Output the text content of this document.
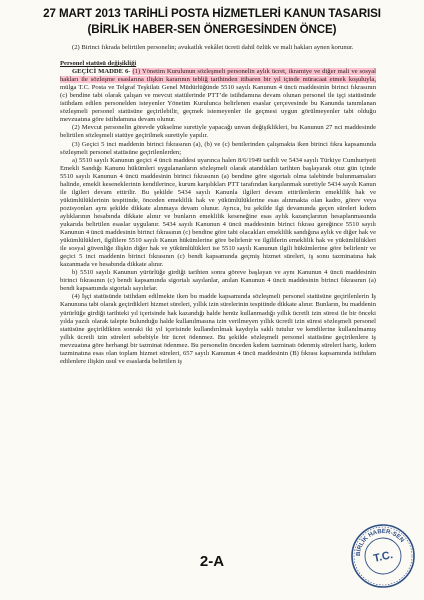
27 MART 2013 TARİHLİ POSTA HİZMETLERİ KANUN TASARISI
(BİRLİK HABER-SEN ÖNERGESİNDEN ÖNCE)

(2) Birinci fıkrada belirtilen personelin; avukatlık vekâlet ücreti dahil özlük ve mali hakları aynen korunur.

Personel statüsü değişikliği

GEÇİCİ MADDE 6- (1) Yönetim Kurulunun sözleşmeli personelin aylık ücret, ikramiye ve diğer mali ve sosyal hakları ile sözleşme esaslarına ilişkin kararının tebliğ tarihinden itibaren bir yıl içinde müracaat etmek koşuluyla, mülga T.C. Posta ve Telgraf Teşkilatı Genel Müdürlüğünde 5510 sayılı Kanunun 4 üncü maddesinin birinci fıkrasının (c) bendine tabi olarak çalışan ve mevcut statülerinde PTT’de istihdamına devam olunan personel ile işçi statüsünde istihdam edilen personelden isteyenler Yönetim Kurulunca belirlenen esaslar çerçevesinde bu Kanunda tanımlanan sözleşmeli personel statüsüne geçirilebilir, geçmek istemeyenler ile geçmesi uygun görülmeyenler tabi olduğu mevzuatına göre istihdamına devam olunur.

(2) Mevcut personelin görevde yükselme suretiyle yapacağı unvan değişiklikleri, bu Kanunun 27 nci maddesinde belirtilen sözleşmeli statüye geçirilmek suretiyle yapılır.

(3) Geçici 5 inci maddenin birinci fıkrasının (a), (b) ve (c) bentlerinden çalışmakta iken birinci fıkra kapsamında sözleşmeli personel statüsüne geçirilenlerden;

a) 5510 sayılı Kanunun geçici 4 üncü maddesi uyarınca halen 8/6/1949 tarihli ve 5434 sayılı Türkiye Cumhuriyeti Emekli Sandığı Kanunu hükümleri uygulananların sözleşmeli olarak atandıkları tarihten başlayarak otuz gün içinde 5510 sayılı Kanunun 4 üncü maddesinin birinci fıkrasının (a) bendine göre sigortalı olma talebinde bulunmamaları halinde, emekli keseneklerinin kendilerince, kurum karşılıkları PTT tarafından karşılanmak suretiyle 5434 sayılı Kanun ile ilgileri devam ettirilir. Bu şekilde 5434 sayılı Kanunla ilgileri devam ettirilenlerin emeklilik hak ve yükümlülüklerinin tespitinde, önceden emeklilik hak ve yükümlülüklerine esas alınmakta olan kadro, görev veya pozisyonları aynı şekilde dikkate alınmaya devam olunur. Ayrıca, bu şekilde ilgi devamında geçen süreleri kıdem aylıklarının hesabında dikkate alınır ve bunların emeklilik keseneğine esas aylık kazançlarının hesaplanmasında yukarıda belirtilen esaslar uygulanır. 5434 sayılı Kanunun 4 üncü maddesinin birinci fıkrası gereğince 5510 sayılı Kanunun 4 üncü maddesinin birinci fıkrasının (c) bendine göre tabi olacakları emeklilik sandığına aylık ve diğer hak ve yükümlülükleri, ilgililere 5510 sayılı Kanun hükümlerine göre belirlenir ve ilgililerin emeklilik hak ve yükümlülükleri ile sosyal güvenliğe ilişkin diğer hak ve yükümlülükleri ise 5510 sayılı Kanunun ilgili hükümlerine göre belirlenir ve geçici 5 inci maddenin birinci fıkrasının (c) bendi kapsamında geçmiş hizmet süreleri, iş sonu tazminatına hak kazanmada ve hesabında dikkate alınır.

b) 5510 sayılı Kanunun yürürlüğe girdiği tarihten sonra göreve başlayan ve aynı Kanunun 4 üncü maddesinin birinci fıkrasının (c) bendi kapsamında sigortalı sayılanlar, anılan Kanunun 4 üncü maddesinin birinci fıkrasının (a) bendi kapsamında sigortalı sayılırlar.

(4) İşçi statüsünde istihdam edilmekte iken bu madde kapsamında sözleşmeli personel statüsüne geçirilenlerin İş Kanununa tabi olarak geçirdikleri hizmet süreleri, yıllık izin sürelerinin tespitinde dikkate alınır. Bunların, bu maddenin yürürlüğe girdiği tarihteki yıl içerisinde hak kazandığı halde henüz kullanmadığı yıllık ücretli izin süresi ile bir önceki yılda yazılı olarak talepte bulunduğu halde kullanılmasına izin verilmeyen yıllık ücretli izin süresi sözleşmeli personel statüsüne geçirildikten sonraki iki yıl içerisinde kullandırılmak kaydıyla saklı tutulur ve kendilerine kullanılmamış yıllık ücretli izin süreleri sebebiyle bir ücret ödenmez. Bu şekilde sözleşmeli personel statüsüne geçirilenlere iş mevzuatına göre herhangi bir tazminat ödenmez. Bu personelin önceden kıdem tazminatı ödenmiş süreleri hariç, kıdem tazminatına esas olan toplam hizmet süreleri, 657 sayılı Kanunun 4 üncü maddesinin (B) fıkrası kapsamında istihdam edilenlere ilişkin usul ve esaslarda belirtilen iş

2-A	BİRLİK HABER-SEN
T.C.
